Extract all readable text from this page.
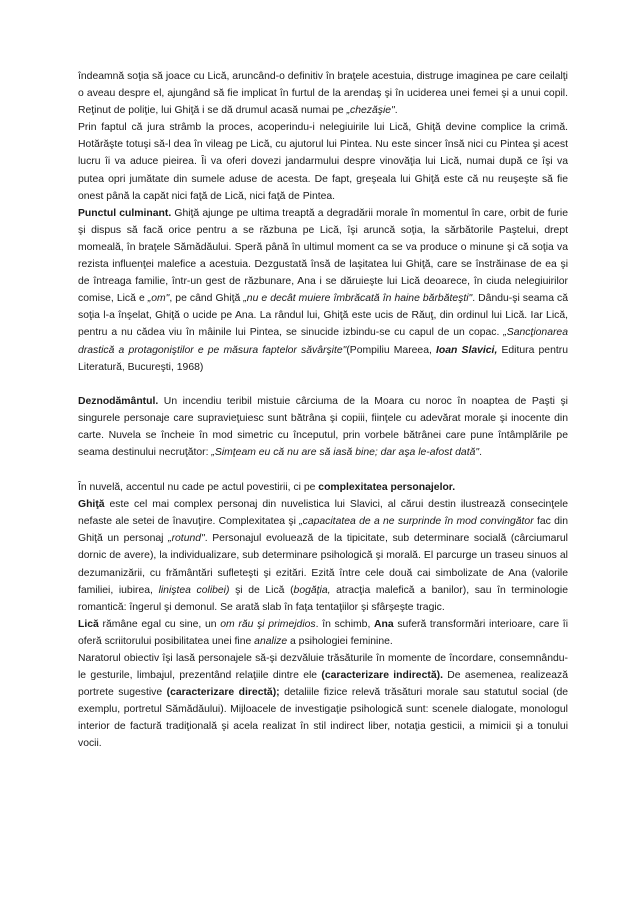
îndeamnă soţia să joace cu Lică, aruncând-o definitiv în braţele acestuia, distruge imaginea pe care ceilalţi o aveau despre el, ajungând să fie implicat în furtul de la arendaş şi în uciderea unei femei şi a unui copil. Reţinut de poliţie, lui Ghiţă i se dă drumul acasă numai pe „chezăşie".

Prin faptul că jura strâmb la proces, acoperindu-i nelegiuirile lui Lică, Ghiţă devine complice la crimă. Hotărăşte totuşi să-l dea în vileag pe Lică, cu ajutorul lui Pintea. Nu este sincer însă nici cu Pintea şi acest lucru îi va aduce pieirea. Îi va oferi dovezi jandarmului despre vinovăţia lui Lică, numai după ce îşi va putea opri jumătate din sumele aduse de acesta. De fapt, greşeala lui Ghiţă este că nu reuşeşte să fie onest până la capăt nici faţă de Lică, nici faţă de Pintea.

Punctul culminant. Ghiţă ajunge pe ultima treaptă a degradării morale în momentul în care, orbit de furie şi dispus să facă orice pentru a se răzbuna pe Lică, îşi aruncă soţia, la sărbătorile Paştelui, drept momeală, în braţele Sămădăului. Speră până în ultimul moment ca se va produce o minune şi că soţia va rezista influenţei malefice a acestuia. Dezgustată însă de laşitatea lui Ghiţă, care se înstrăinase de ea şi de întreaga familie, într-un gest de răzbunare, Ana i se dăruieşte lui Lică deoarece, în ciuda nelegiuirilor comise, Lică e „om", pe când Ghiţă „nu e decât muiere îmbrăcată în haine bărbăteşti". Dându-şi seama că soţia l-a înşelat, Ghiţă o ucide pe Ana. La rândul lui, Ghiţă este ucis de Răuţ, din ordinul lui Lică. Iar Lică, pentru a nu cădea viu în mâinile lui Pintea, se sinucide izbindu-se cu capul de un copac. „Sancţionarea drastică a protagoniştilor e pe măsura faptelor săvârşite"(Pompiliu Mareea, Ioan Slavici, Editura pentru Literatură, Bucureşti, 1968)

Deznodământul. Un incendiu teribil mistuie cârciuma de la Moara cu noroc în noaptea de Paşti şi singurele personaje care supravieţuiesc sunt bătrâna şi copiii, fiinţele cu adevărat morale şi inocente din carte. Nuvela se încheie în mod simetric cu începutul, prin vorbele bătrânei care pune întâmplările pe seama destinului necruţător: „Simţeam eu că nu are să iasă bine; dar aşa le-afost dată".

În nuvelă, accentul nu cade pe actul povestirii, ci pe complexitatea personajelor.

Ghiţă este cel mai complex personaj din nuvelistica lui Slavici, al cărui destin ilustrează consecinţele nefaste ale setei de înavuţire. Complexitatea şi „capacitatea de a ne surprinde în mod convingător fac din Ghiţă un personaj „rotund". Personajul evoluează de la tipicitate, sub determinare socială (cârciumarul dornic de avere), la individualizare, sub determinare psihologică şi morală. El parcurge un traseu sinuos al dezumanizării, cu frământări sufleteşti şi ezitări. Ezită între cele două cai simbolizate de Ana (valorile familiei, iubirea, liniştea colibei) şi de Lică (bogăţia, atracţia malefică a banilor), sau în terminologie romantică: îngerul şi demonul. Se arată slab în faţa tentaţiilor şi sfârşeşte tragic.

Lică rămâne egal cu sine, un om rău şi primejdios. în schimb, Ana suferă transformări interioare, care îi oferă scriitorului posibilitatea unei fine analize a psihologiei feminine.

Naratorul obiectiv îşi lasă personajele să-şi dezvăluie trăsăturile în momente de încordare, consemnându-le gesturile, limbajul, prezentând relaţiile dintre ele (caracterizare indirectă). De asemenea, realizează portrete sugestive (caracterizare directă); detaliile fizice relevă trăsături morale sau statutul social (de exemplu, portretul Sămădăului). Mijloacele de investigaţie psihologică sunt: scenele dialogate, monologul interior de factură tradiţională şi acela realizat în stil indirect liber, notaţia gesticii, a mimicii şi a tonului vocii.
